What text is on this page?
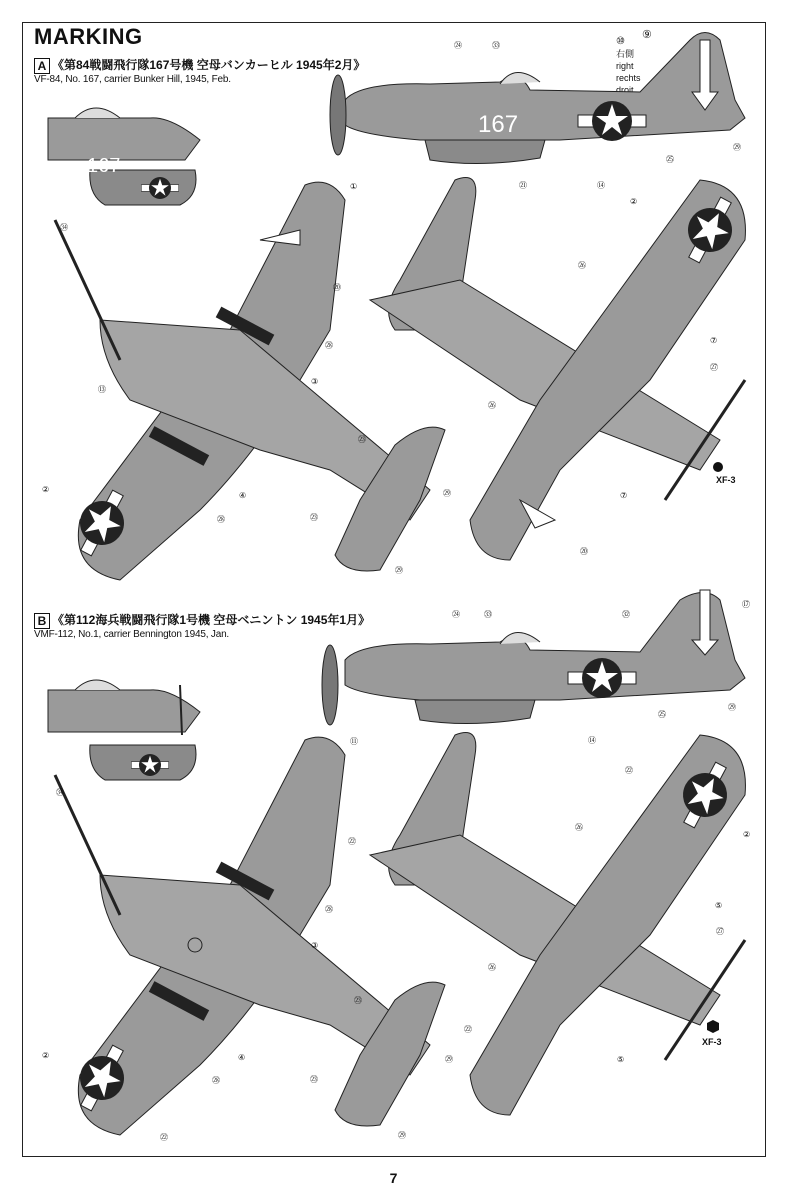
MARKING
A 《第84戦闘飛行隊167号機 空母バンカーヒル 1945年2月》
VF-84, No. 167, carrier Bunker Hill, 1945, Feb.
B 《第112海兵戦闘飛行隊1号機 空母ベニントン 1945年1月》
VMF-112, No.1, carrier Bennington 1945, Jan.
⑩
右側
right
rechts
droit
⑨
167
167
㉔	㉝
①	㉑	⑭
㉕
㉙
㉞
⑳
㉘
③
⑬
④
②
㉘
㉓
㉓
㉙
㉙
②
㉖
⑦
㉗
㉖
⑦
⑳
㉔	㉝	㉜
⑰
⑪	⑭
㉕
㉙
㉞
㉒
㉘
③
④
②
㉘
㉒
㉓
㉓
㉙
㉙
㉒
②
㉖
⑤
㉗
㉖
⑤
㉒
XF-3
XF-3
7
